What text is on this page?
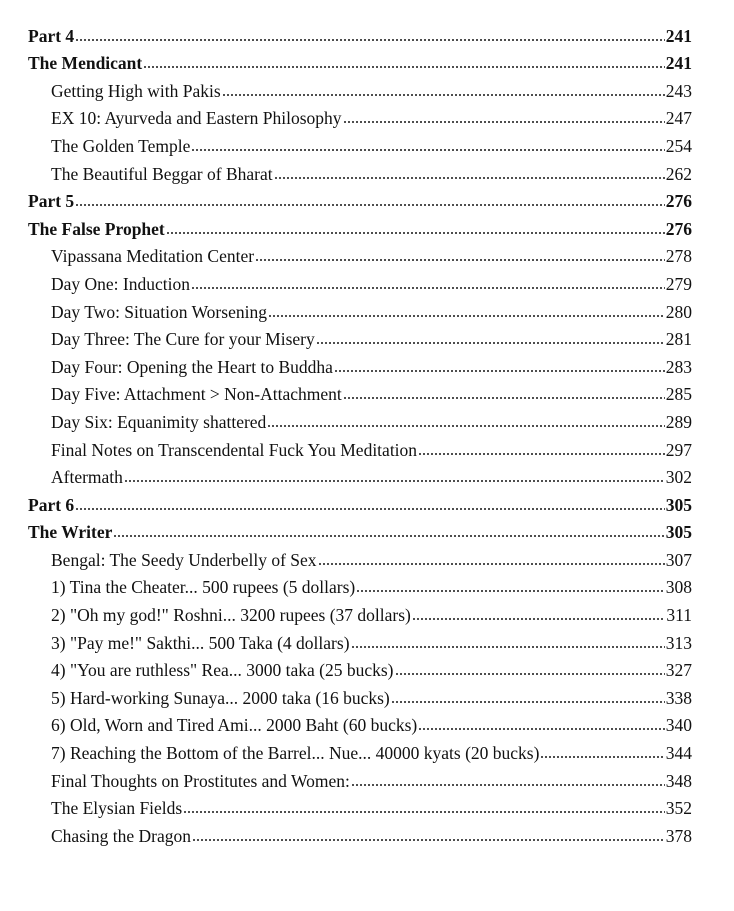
Part 4	241
The Mendicant	241
Getting High with Pakis	243
EX 10: Ayurveda and Eastern Philosophy	247
The Golden Temple	254
The Beautiful Beggar of Bharat	262
Part 5	276
The False Prophet	276
Vipassana Meditation Center	278
Day One: Induction	279
Day Two: Situation Worsening	280
Day Three: The Cure for your Misery	281
Day Four: Opening the Heart to Buddha	283
Day Five: Attachment > Non-Attachment	285
Day Six: Equanimity shattered	289
Final Notes on Transcendental Fuck You Meditation	297
Aftermath	302
Part 6	305
The Writer	305
Bengal: The Seedy Underbelly of Sex	307
1) Tina the Cheater... 500 rupees (5 dollars)	308
2) "Oh my god!" Roshni... 3200 rupees (37 dollars)	311
3) "Pay me!" Sakthi... 500 Taka (4 dollars)	313
4) "You are ruthless" Rea... 3000 taka (25 bucks)	327
5) Hard-working Sunaya... 2000 taka (16 bucks)	338
6) Old, Worn and Tired Ami... 2000 Baht (60 bucks)	340
7) Reaching the Bottom of the Barrel... Nue... 40000 kyats (20 bucks)	344
Final Thoughts on Prostitutes and Women:	348
The Elysian Fields	352
Chasing the Dragon	378
